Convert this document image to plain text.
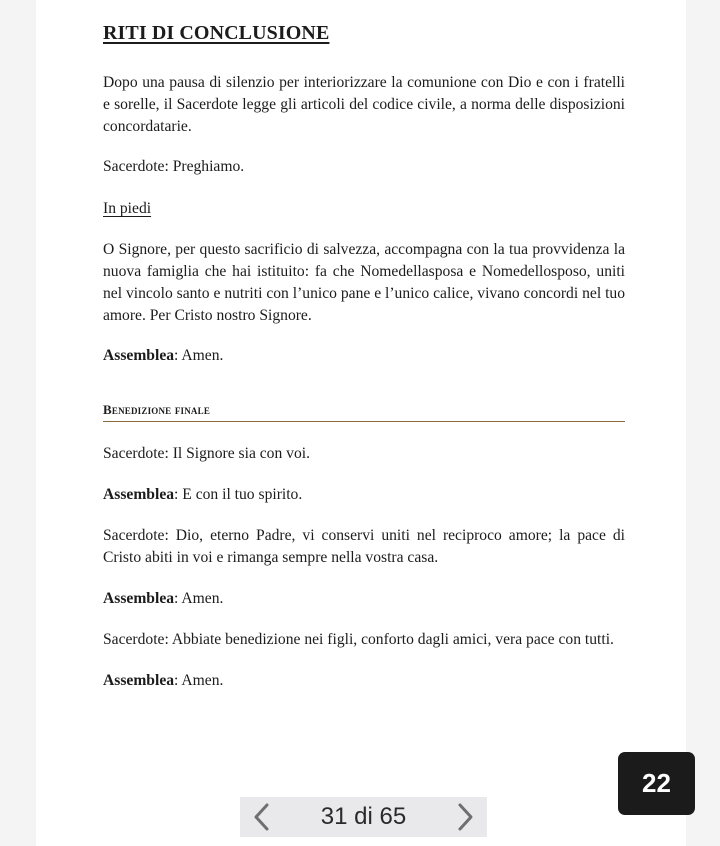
RITI DI CONCLUSIONE

Dopo una pausa di silenzio per interiorizzare la comunione con Dio e con i fratelli e sorelle, il Sacerdote legge gli articoli del codice civile, a norma delle disposizioni concordatarie.

Sacerdote: Preghiamo.

In piedi

O Signore, per questo sacrificio di salvezza, accompagna con la tua provvidenza la nuova famiglia che hai istituito: fa che Nomedellasposa e Nomedellosposo, uniti nel vincolo santo e nutriti con l’unico pane e l’unico calice, vivano concordi nel tuo amore. Per Cristo nostro Signore.

Assemblea: Amen.

Benedizione finale

Sacerdote: Il Signore sia con voi.

Assemblea: E con il tuo spirito.

Sacerdote: Dio, eterno Padre, vi conservi uniti nel reciproco amore; la pace di Cristo abiti in voi e rimanga sempre nella vostra casa.

Assemblea: Amen.

Sacerdote: Abbiate benedizione nei figli, conforto dagli amici, vera pace con tutti.

Assemblea: Amen.

22
31 di 65
